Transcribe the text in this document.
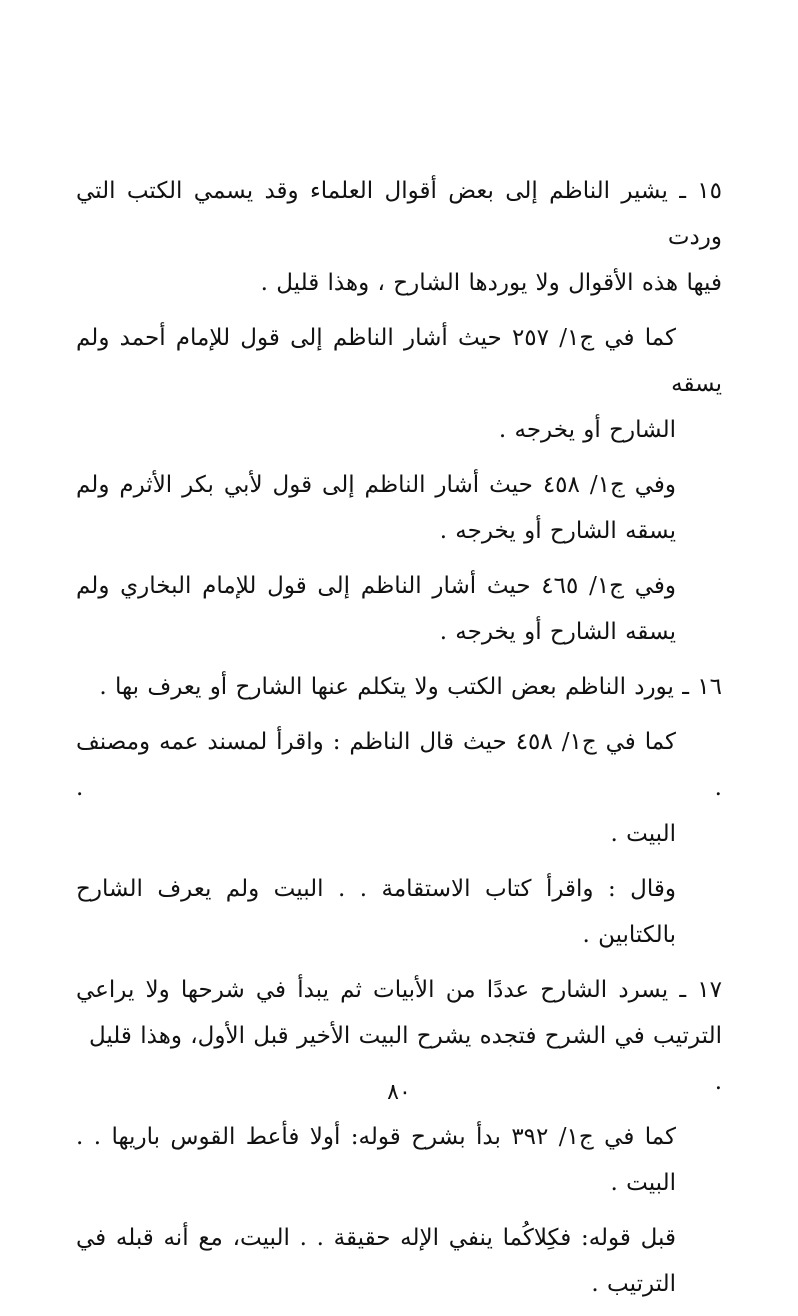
١٥ ـ يشير الناظم إلى بعض أقوال العلماء وقد يسمي الكتب التي وردت
فيها هذه الأقوال ولا يوردها الشارح ، وهذا قليل .

كما في ج١/ ٢٥٧ حيث أشار الناظم إلى قول للإمام أحمد ولم يسقه
الشارح أو يخرجه .

وفي ج١/ ٤٥٨ حيث أشار الناظم إلى قول لأبي بكر الأثرم ولم
يسقه الشارح أو يخرجه .

وفي ج١/ ٤٦٥ حيث أشار الناظم إلى قول للإمام البخاري ولم
يسقه الشارح أو يخرجه .

١٦ ـ يورد الناظم بعض الكتب ولا يتكلم عنها الشارح أو يعرف بها .

كما في ج١/ ٤٥٨ حيث قال الناظم : واقرأ لمسند عمه ومصنف . .
البيت .

وقال : واقرأ كتاب الاستقامة . . البيت ولم يعرف الشارح
بالكتابين .

١٧ ـ يسرد الشارح عددًا من الأبيات ثم يبدأ في شرحها ولا يراعي
الترتيب في الشرح فتجده يشرح البيت الأخير قبل الأول، وهذا قليل .

كما في ج١/ ٣٩٢ بدأ بشرح قوله: أولا فأعط القوس باريها . .
البيت .

قبل قوله: فكِلاكُما ينفي الإله حقيقة . . البيت، مع أنه قبله في
الترتيب .

٨٠
